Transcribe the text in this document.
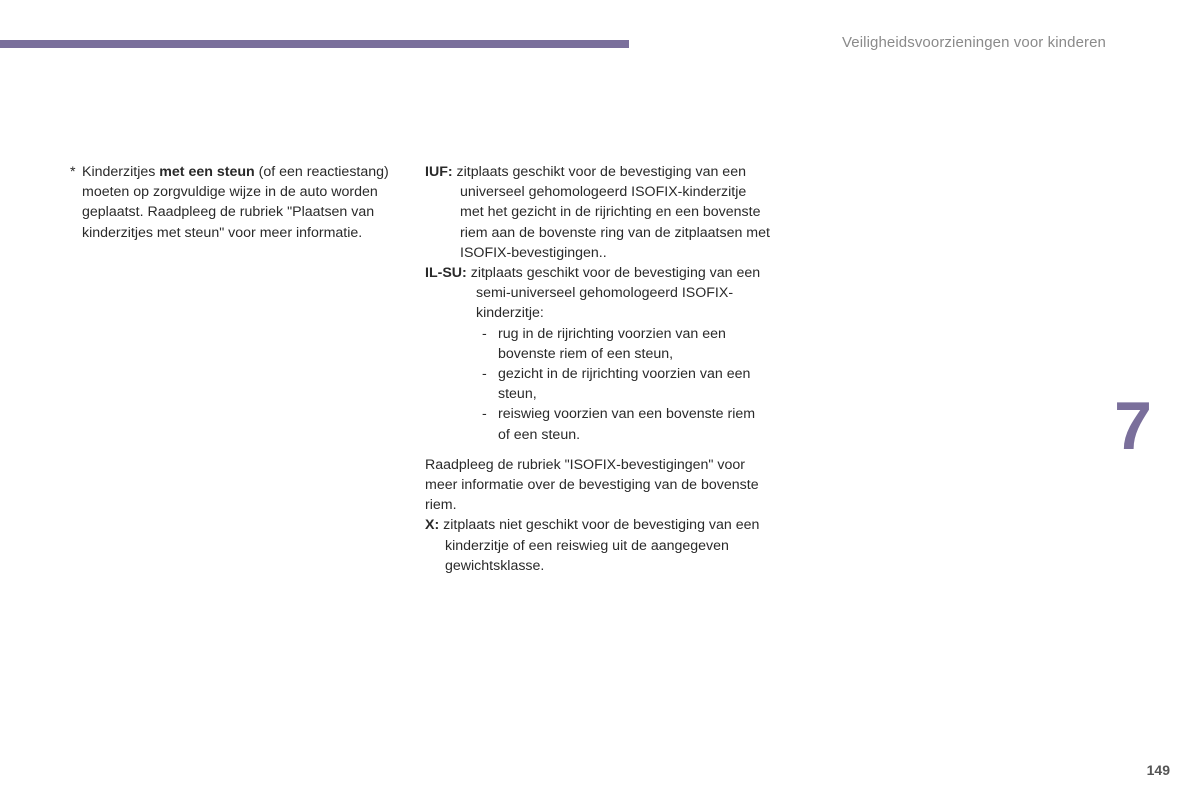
Veiligheidsvoorzieningen voor kinderen
* Kinderzitjes met een steun (of een reactiestang) moeten op zorgvuldige wijze in de auto worden geplaatst. Raadpleeg de rubriek "Plaatsen van kinderzitjes met steun" voor meer informatie.
IUF: zitplaats geschikt voor de bevestiging van een universeel gehomologeerd ISOFIX-kinderzitje met het gezicht in de rijrichting en een bovenste riem aan de bovenste ring van de zitplaatsen met ISOFIX-bevestigingen..
IL-SU: zitplaats geschikt voor de bevestiging van een semi-universeel gehomologeerd ISOFIX-kinderzitje:
- rug in de rijrichting voorzien van een bovenste riem of een steun,
- gezicht in de rijrichting voorzien van een steun,
- reiswieg voorzien van een bovenste riem of een steun.
Raadpleeg de rubriek "ISOFIX-bevestigingen" voor meer informatie over de bevestiging van de bovenste riem.
X: zitplaats niet geschikt voor de bevestiging van een kinderzitje of een reiswieg uit de aangegeven gewichtsklasse.
7
149
